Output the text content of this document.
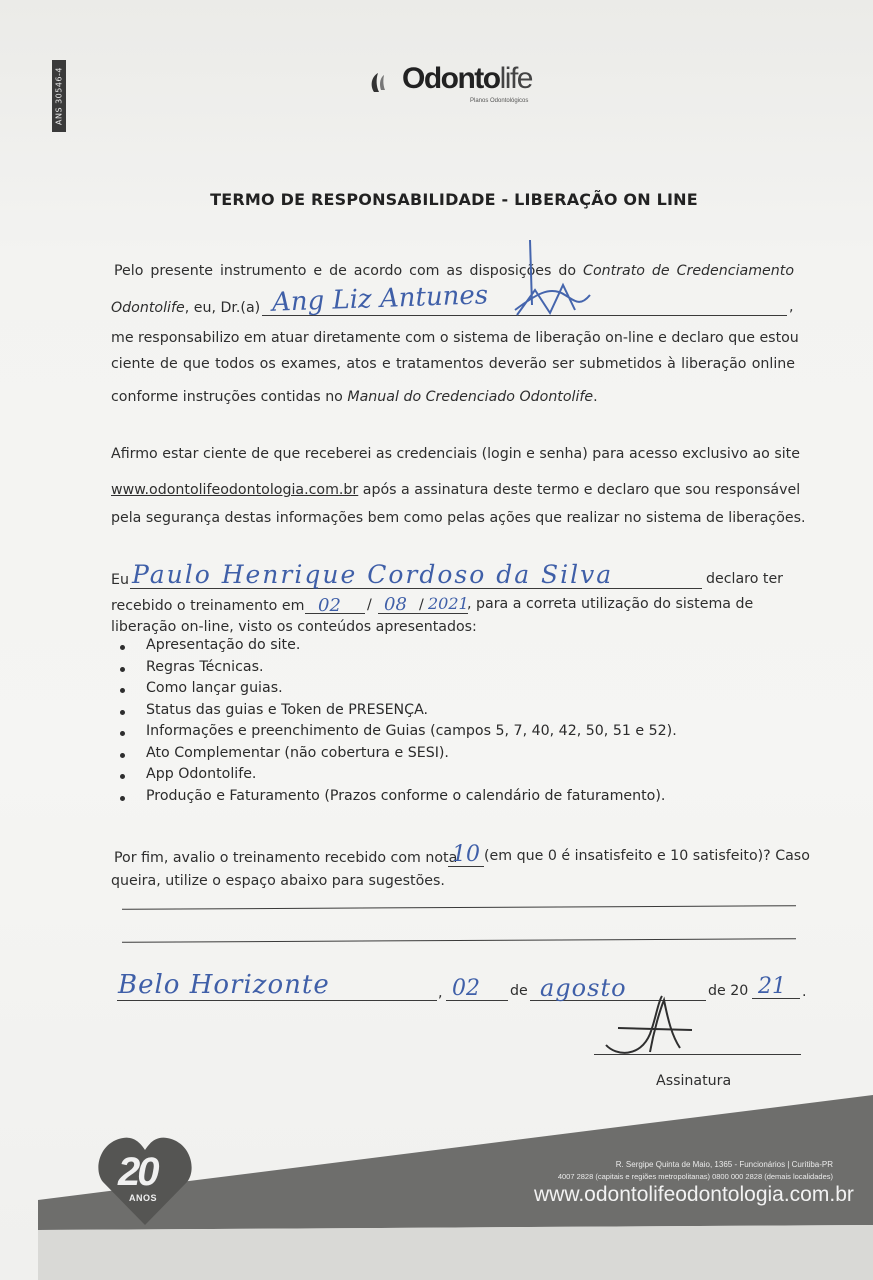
ANS 30546-4	Odontolife
Planos Odontológicos
TERMO DE RESPONSABILIDADE - LIBERAÇÃO ON LINE
Pelo presente instrumento e de acordo com as disposições do Contrato de Credenciamento
Odontolife, eu, Dr.(a)	,
Ang Liz Antunes
me responsabilizo em atuar diretamente com o sistema de liberação on-line e declaro que estou
ciente de que todos os exames, atos e tratamentos deverão ser submetidos à liberação online
conforme instruções contidas no Manual do Credenciado Odontolife.
Afirmo estar ciente de que receberei as credenciais (login e senha) para acesso exclusivo ao site
www.odontolifeodontologia.com.br após a assinatura deste termo e declaro que sou responsável
pela segurança destas informações bem como pelas ações que realizar no sistema de liberações.
Eu Paulo Henrique Cordoso da Silva	declaro ter
recebido o treinamento em 02 / 08 / 2021
, para a correta utilização do sistema de
liberação on-line, visto os conteúdos apresentados:
Apresentação do site.
Regras Técnicas.
Como lançar guias.
Status das guias e Token de PRESENÇA.
Informações e preenchimento de Guias (campos 5, 7, 40, 42, 50, 51 e 52).
Ato Complementar (não cobertura e SESI).
App Odontolife.
Produção e Faturamento (Prazos conforme o calendário de faturamento).
Por fim, avalio o treinamento recebido com nota
10 (em que 0 é insatisfeito e 10 satisfeito)? Caso
queira, utilize o espaço abaixo para sugestões.
Belo Horizonte	, 02 de agosto	de 20 21 .
Assinatura
20
ANOS
R. Sergipe Quinta de Maio, 1365 - Funcionários | Curitiba-PR
4007 2828 (capitais e regiões metropolitanas) 0800 000 2828 (demais localidades)
www.odontolifeodontologia.com.br
